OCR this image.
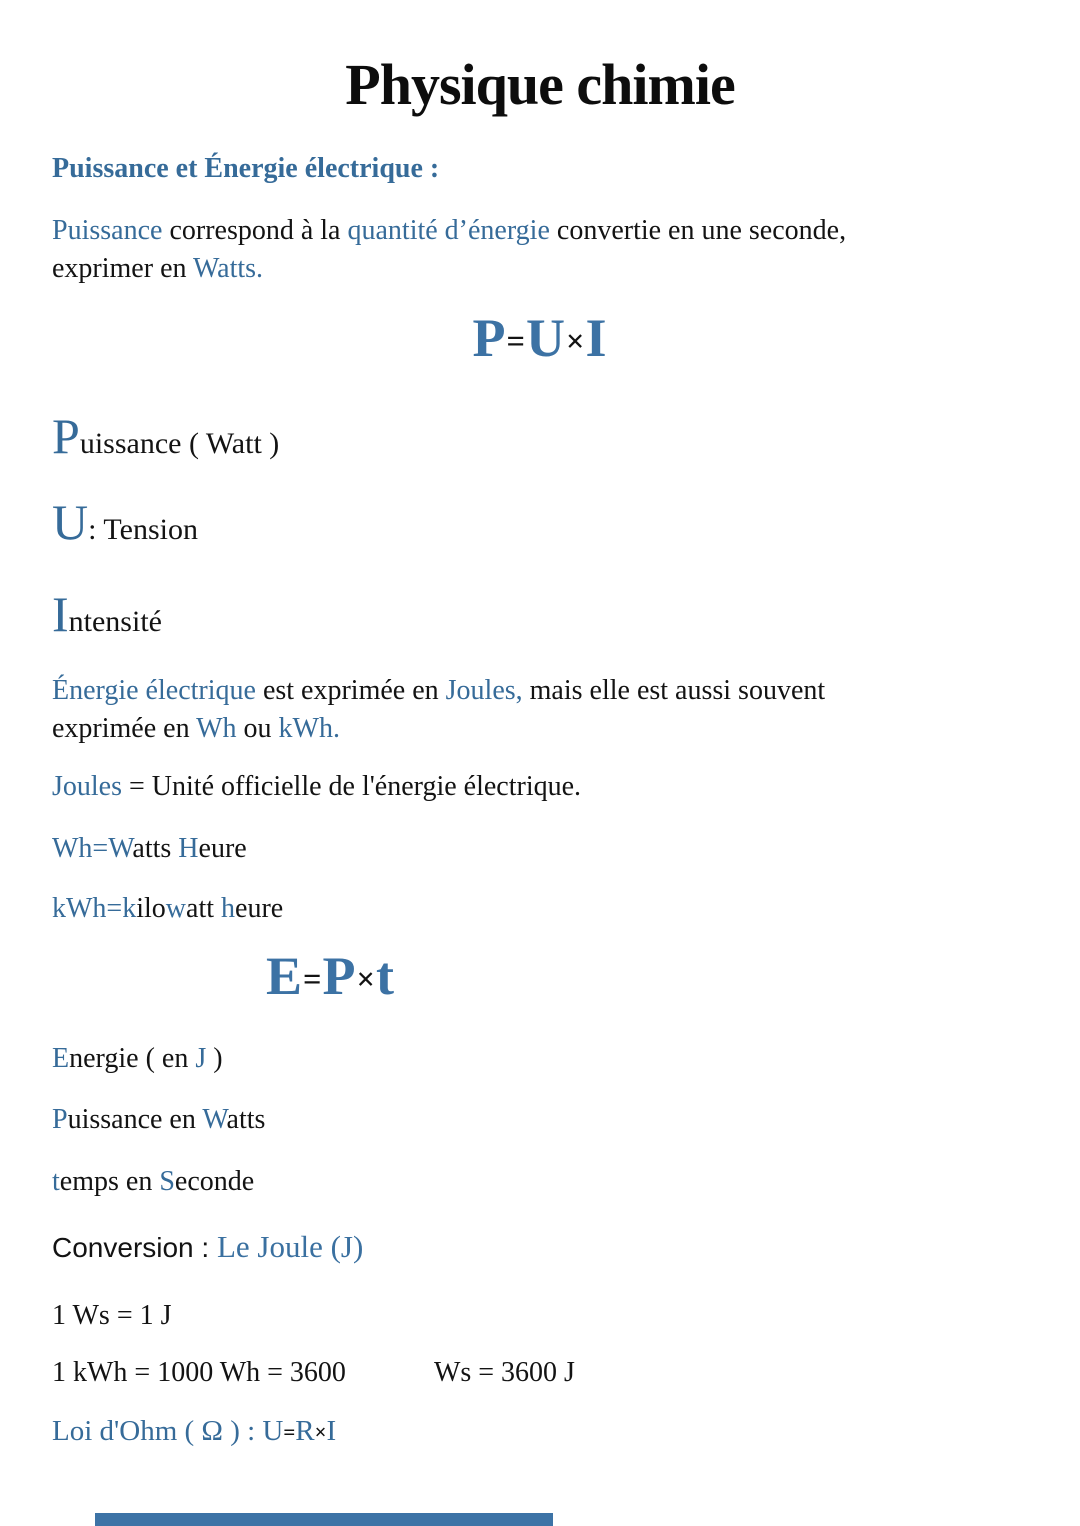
Physique chimie
Puissance et Énergie électrique :
Puissance correspond à la quantité d’énergie convertie en une seconde,
exprimer en Watts.
P=U×I
Puissance ( Watt )
U: Tension
Intensité
Énergie électrique est exprimée en Joules, mais elle est aussi souvent
exprimée en Wh ou kWh.
Joules = Unité officielle de l'énergie électrique.
Wh=Watts Heure
kWh=kilowatt heure
E=P×t
Energie ( en J )
Puissance en Watts
temps en Seconde
Conversion : Le Joule (J)
1 Ws = 1 J
1 kWh = 1000 Wh = 3600	Ws = 3600 J
Loi d'Ohm ( Ω ) : U=R×I
